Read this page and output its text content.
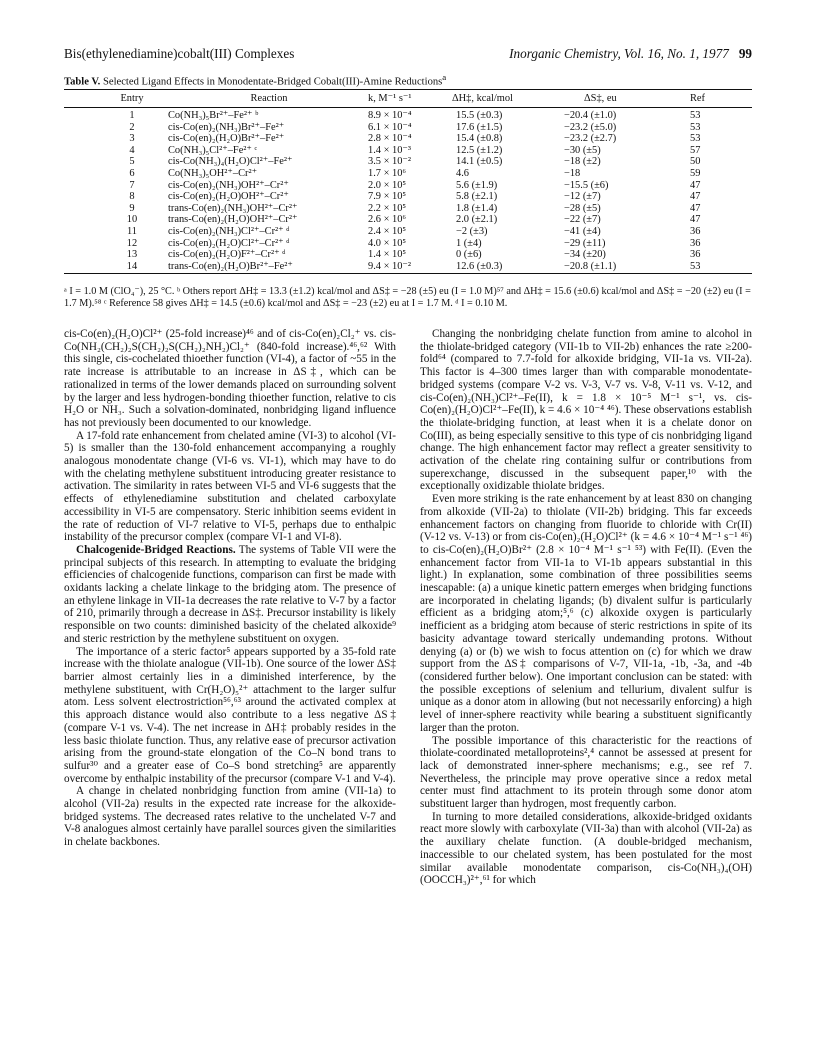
Bis(ethylenediamine)cobalt(III) Complexes	Inorganic Chemistry, Vol. 16, No. 1, 1977 99
Table V. Selected Ligand Effects in Monodentate-Bridged Cobalt(III)-Amine Reductions$^a$
Entry	Reaction	k, M⁻¹ s⁻¹	ΔH‡, kcal/mol	ΔS‡, eu	Ref
1	Co(NH₃)₅Br²⁺–Fe²⁺ ᵇ	8.9 × 10⁻⁴	15.5 (±0.3)	−20.4 (±1.0)	53
2	cis-Co(en)₂(NH₃)Br²⁺–Fe²⁺	6.1 × 10⁻⁴	17.6 (±1.5)	−23.2 (±5.0)	53
3	cis-Co(en)₂(H₂O)Br²⁺–Fe²⁺	2.8 × 10⁻⁴	15.4 (±0.8)	−23.2 (±2.7)	53
4	Co(NH₃)₅Cl²⁺–Fe²⁺ ᶜ	1.4 × 10⁻³	12.5 (±1.2)	−30 (±5)	57
5	cis-Co(NH₃)₄(H₂O)Cl²⁺–Fe²⁺	3.5 × 10⁻²	14.1 (±0.5)	−18 (±2)	50
6	Co(NH₃)₅OH²⁺–Cr²⁺	1.7 × 10⁶	4.6	−18	59
7	cis-Co(en)₂(NH₃)OH²⁺–Cr²⁺	2.0 × 10⁵	5.6 (±1.9)	−15.5 (±6)	47
8	cis-Co(en)₂(H₂O)OH²⁺–Cr²⁺	7.9 × 10⁵	5.8 (±2.1)	−12 (±7)	47
9	trans-Co(en)₂(NH₃)OH²⁺–Cr²⁺	2.2 × 10⁵	1.8 (±1.4)	−28 (±5)	47
10	trans-Co(en)₂(H₂O)OH²⁺–Cr²⁺	2.6 × 10⁶	2.0 (±2.1)	−22 (±7)	47
11	cis-Co(en)₂(NH₃)Cl²⁺–Cr²⁺ ᵈ	2.4 × 10⁵	−2 (±3)	−41 (±4)	36
12	cis-Co(en)₂(H₂O)Cl²⁺–Cr²⁺ ᵈ	4.0 × 10⁵	1 (±4)	−29 (±11)	36
13	cis-Co(en)₂(H₂O)F²⁺–Cr²⁺ ᵈ	1.4 × 10⁵	0 (±6)	−34 (±20)	36
14	trans-Co(en)₂(H₂O)Br²⁺–Fe²⁺	9.4 × 10⁻²	12.6 (±0.3)	−20.8 (±1.1)	53
ᵃ I = 1.0 M (ClO₄⁻), 25 °C. ᵇ Others report ΔH‡ = 13.3 (±1.2) kcal/mol and ΔS‡ = −28 (±5) eu (I = 1.0 M)⁵⁷ and ΔH‡ = 15.6 (±0.6) kcal/mol and ΔS‡ = −20 (±2) eu (I = 1.7 M).⁵⁸ ᶜ Reference 58 gives ΔH‡ = 14.5 (±0.6) kcal/mol and ΔS‡ = −23 (±2) eu at I = 1.7 M. ᵈ I = 0.10 M.

cis-Co(en)₂(H₂O)Cl²⁺ (25-fold increase)⁴⁶ and of cis-Co(en)₂Cl₂⁺ vs. cis-Co(NH₂(CH₂)₂S(CH₂)₂S(CH₂)₂NH₂)Cl₂⁺ (840-fold increase).⁴⁶,⁶² With this single, cis-cochelated thioether function (VI-4), a factor of ~55 in the rate increase is attributable to an increase in ΔS‡, which can be rationalized in terms of the lower demands placed on surrounding solvent by the larger and less hydrogen-bonding thioether function, relative to cis H₂O or NH₃. Such a solvation-dominated, nonbridging ligand influence has not previously been documented to our knowledge.

A 17-fold rate enhancement from chelated amine (VI-3) to alcohol (VI-5) is smaller than the 130-fold enhancement accompanying a roughly analogous monodentate change (VI-6 vs. VI-1), which may have to do with the chelating methylene substituent introducing greater resistance to activation. The similarity in rates between VI-5 and VI-6 suggests that the effects of ethylenediamine substitution and chelated carboxylate accessibility in VI-5 are compensatory. Steric inhibition seems evident in the rate of reduction of VI-7 relative to VI-5, perhaps due to enthalpic instability of the precursor complex (compare VI-1 and VI-8).

Chalcogenide-Bridged Reactions. The systems of Table VII were the principal subjects of this research. In attempting to evaluate the bridging efficiencies of chalcogenide functions, comparison can first be made with oxidants lacking a chelate linkage to the bridging atom. The presence of an ethylene linkage in VII-1a decreases the rate relative to V-7 by a factor of 210, primarily through a decrease in ΔS‡. Precursor instability is likely responsible on two counts: diminished basicity of the chelated alkoxide⁹ and steric restriction by the methylene substituent on oxygen.

The importance of a steric factor⁵ appears supported by a 35-fold rate increase with the thiolate analogue (VII-1b). One source of the lower ΔS‡ barrier almost certainly lies in a diminished interference, by the methylene substituent, with Cr(H₂O)₅²⁺ attachment to the larger sulfur atom. Less solvent electrostriction⁵⁶,⁶³ around the activated complex at this approach distance would also contribute to a less negative ΔS‡ (compare V-1 vs. V-4). The net increase in ΔH‡ probably resides in the less basic thiolate function. Thus, any relative ease of precursor activation arising from the ground-state elongation of the Co–N bond trans to sulfur³⁰ and a greater ease of Co–S bond stretching⁵ are apparently overcome by enthalpic instability of the precursor (compare V-1 and V-4).

A change in chelated nonbridging function from amine (VII-1a) to alcohol (VII-2a) results in the expected rate increase for the alkoxide-bridged systems. The decreased rates relative to the unchelated V-7 and V-8 analogues almost certainly have parallel sources given the similarities in chelate backbones.

Changing the nonbridging chelate function from amine to alcohol in the thiolate-bridged category (VII-1b to VII-2b) enhances the rate ≥200-fold⁶⁴ (compared to 7.7-fold for alkoxide bridging, VII-1a vs. VII-2a). This factor is 4–300 times larger than with comparable monodentate-bridged systems (compare V-2 vs. V-3, V-7 vs. V-8, V-11 vs. V-12, and cis-Co(en)₂(NH₃)Cl²⁺–Fe(II), k = 1.8 × 10⁻⁵ M⁻¹ s⁻¹, vs. cis-Co(en)₂(H₂O)Cl²⁺–Fe(II), k = 4.6 × 10⁻⁴ ⁴⁶). These observations establish the thiolate-bridging function, at least when it is a chelate donor on Co(III), as being especially sensitive to this type of cis nonbridging ligand change. The high enhancement factor may reflect a greater sensitivity to activation of the chelate ring containing sulfur or contributions from superexchange, discussed in the subsequent paper,¹⁰ with the exceptionally oxidizable thiolate bridges.

Even more striking is the rate enhancement by at least 830 on changing from alkoxide (VII-2a) to thiolate (VII-2b) bridging. This far exceeds enhancement factors on changing from fluoride to chloride with Cr(II) (V-12 vs. V-13) or from cis-Co(en)₂(H₂O)Cl²⁺ (k = 4.6 × 10⁻⁴ M⁻¹ s⁻¹ ⁴⁶) to cis-Co(en)₂(H₂O)Br²⁺ (2.8 × 10⁻⁴ M⁻¹ s⁻¹ ⁵³) with Fe(II). (Even the enhancement factor from VII-1a to VI-1b appears substantial in this light.) In explanation, some combination of three possibilities seems inescapable: (a) a unique kinetic pattern emerges when bridging functions are incorporated in chelating ligands; (b) divalent sulfur is particularly efficient as a bridging atom;⁵,⁶ (c) alkoxide oxygen is particularly inefficient as a bridging atom because of steric restrictions in spite of its basicity advantage toward sterically undemanding protons. Without denying (a) or (b) we wish to focus attention on (c) for which we draw support from the ΔS‡ comparisons of V-7, VII-1a, -1b, -3a, and -4b (considered further below). One important conclusion can be stated: with the possible exceptions of selenium and tellurium, divalent sulfur is unique as a donor atom in allowing (but not necessarily enforcing) a high level of inner-sphere reactivity while bearing a substituent significantly larger than the proton.

The possible importance of this characteristic for the reactions of thiolate-coordinated metalloproteins²,⁴ cannot be assessed at present for lack of demonstrated inner-sphere mechanisms; e.g., see ref 7. Nevertheless, the principle may prove operative since a redox metal center must find attachment to its protein through some donor atom substituent larger than hydrogen, most frequently carbon.

In turning to more detailed considerations, alkoxide-bridged oxidants react more slowly with carboxylate (VII-3a) than with alcohol (VII-2a) as the auxiliary chelate function. (A double-bridged mechanism, inaccessible to our chelated system, has been postulated for the most similar available monodentate comparison, cis-Co(NH₃)₄(OH)(OOCCH₃)²⁺,⁶¹ for which
